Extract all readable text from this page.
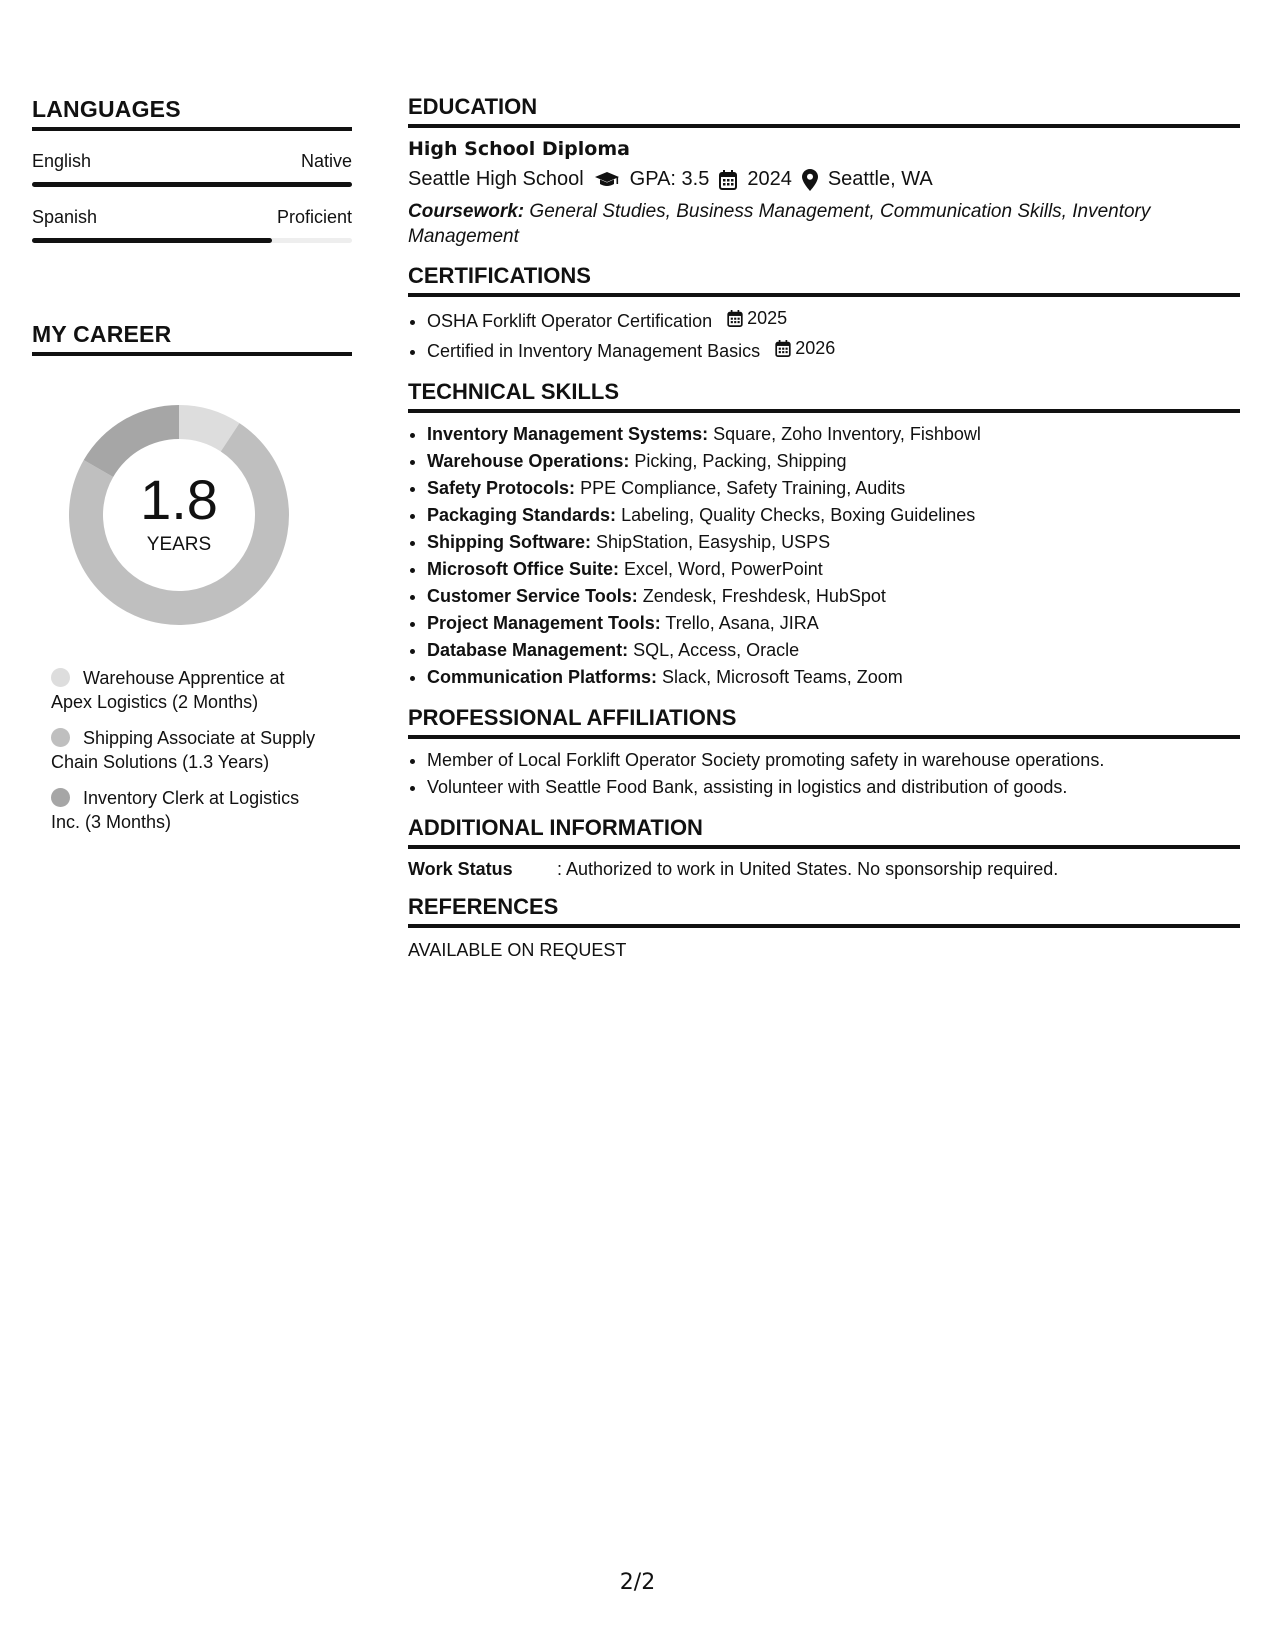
LANGUAGES
English	Native
Spanish	Proficient
MY CAREER
1.8
YEARS
Warehouse Apprentice at Apex Logistics (2 Months)
Shipping Associate at Supply Chain Solutions (1.3 Years)
Inventory Clerk at Logistics Inc. (3 Months)
EDUCATION
High School Diploma
Seattle High School GPA: 3.5 2024 Seattle, WA
Coursework: General Studies, Business Management, Communication Skills, Inventory Management
CERTIFICATIONS
• OSHA Forklift Operator Certification 2025
• Certified in Inventory Management Basics 2026
TECHNICAL SKILLS
• Inventory Management Systems: Square, Zoho Inventory, Fishbowl
• Warehouse Operations: Picking, Packing, Shipping
• Safety Protocols: PPE Compliance, Safety Training, Audits
• Packaging Standards: Labeling, Quality Checks, Boxing Guidelines
• Shipping Software: ShipStation, Easyship, USPS
• Microsoft Office Suite: Excel, Word, PowerPoint
• Customer Service Tools: Zendesk, Freshdesk, HubSpot
• Project Management Tools: Trello, Asana, JIRA
• Database Management: SQL, Access, Oracle
• Communication Platforms: Slack, Microsoft Teams, Zoom
PROFESSIONAL AFFILIATIONS
• Member of Local Forklift Operator Society promoting safety in warehouse operations.
• Volunteer with Seattle Food Bank, assisting in logistics and distribution of goods.
ADDITIONAL INFORMATION
Work Status	: Authorized to work in United States. No sponsorship required.
REFERENCES
AVAILABLE ON REQUEST
2/2
